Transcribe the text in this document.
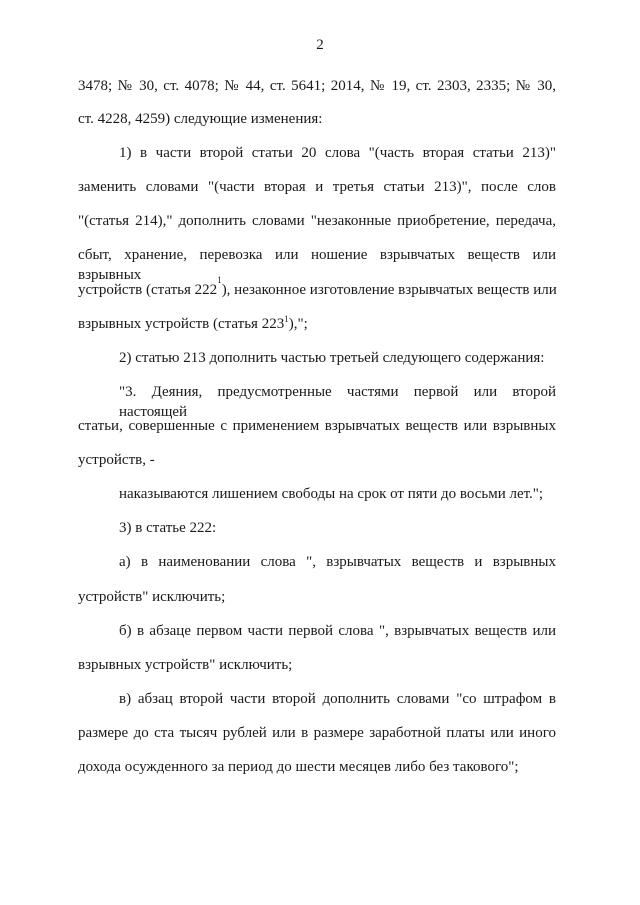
2
3478; № 30, ст. 4078; № 44, ст. 5641; 2014, № 19, ст. 2303, 2335; № 30,
ст. 4228, 4259) следующие изменения:
1) в части второй статьи 20 слова "(часть вторая статьи 213)"
заменить словами "(части вторая и третья статьи 213)", после слов
"(статья 214)," дополнить словами "незаконные приобретение, передача,
сбыт, хранение, перевозка или ношение взрывчатых веществ или взрывных
устройств (статья 222
1
), незаконное изготовление взрывчатых веществ или
взрывных устройств (статья $223^1$),";
2) статью 213 дополнить частью третьей следующего содержания:
"3. Деяния, предусмотренные частями первой или второй настоящей
статьи, совершенные с применением взрывчатых веществ или взрывных
устройств, -
наказываются лишением свободы на срок от пяти до восьми лет.";
3) в статье 222:
а) в наименовании слова ", взрывчатых веществ и взрывных
устройств" исключить;
б) в абзаце первом части первой слова ", взрывчатых веществ или
взрывных устройств" исключить;
в) абзац второй части второй дополнить словами "со штрафом в
размере до ста тысяч рублей или в размере заработной платы или иного
дохода осужденного за период до шести месяцев либо без такового";
